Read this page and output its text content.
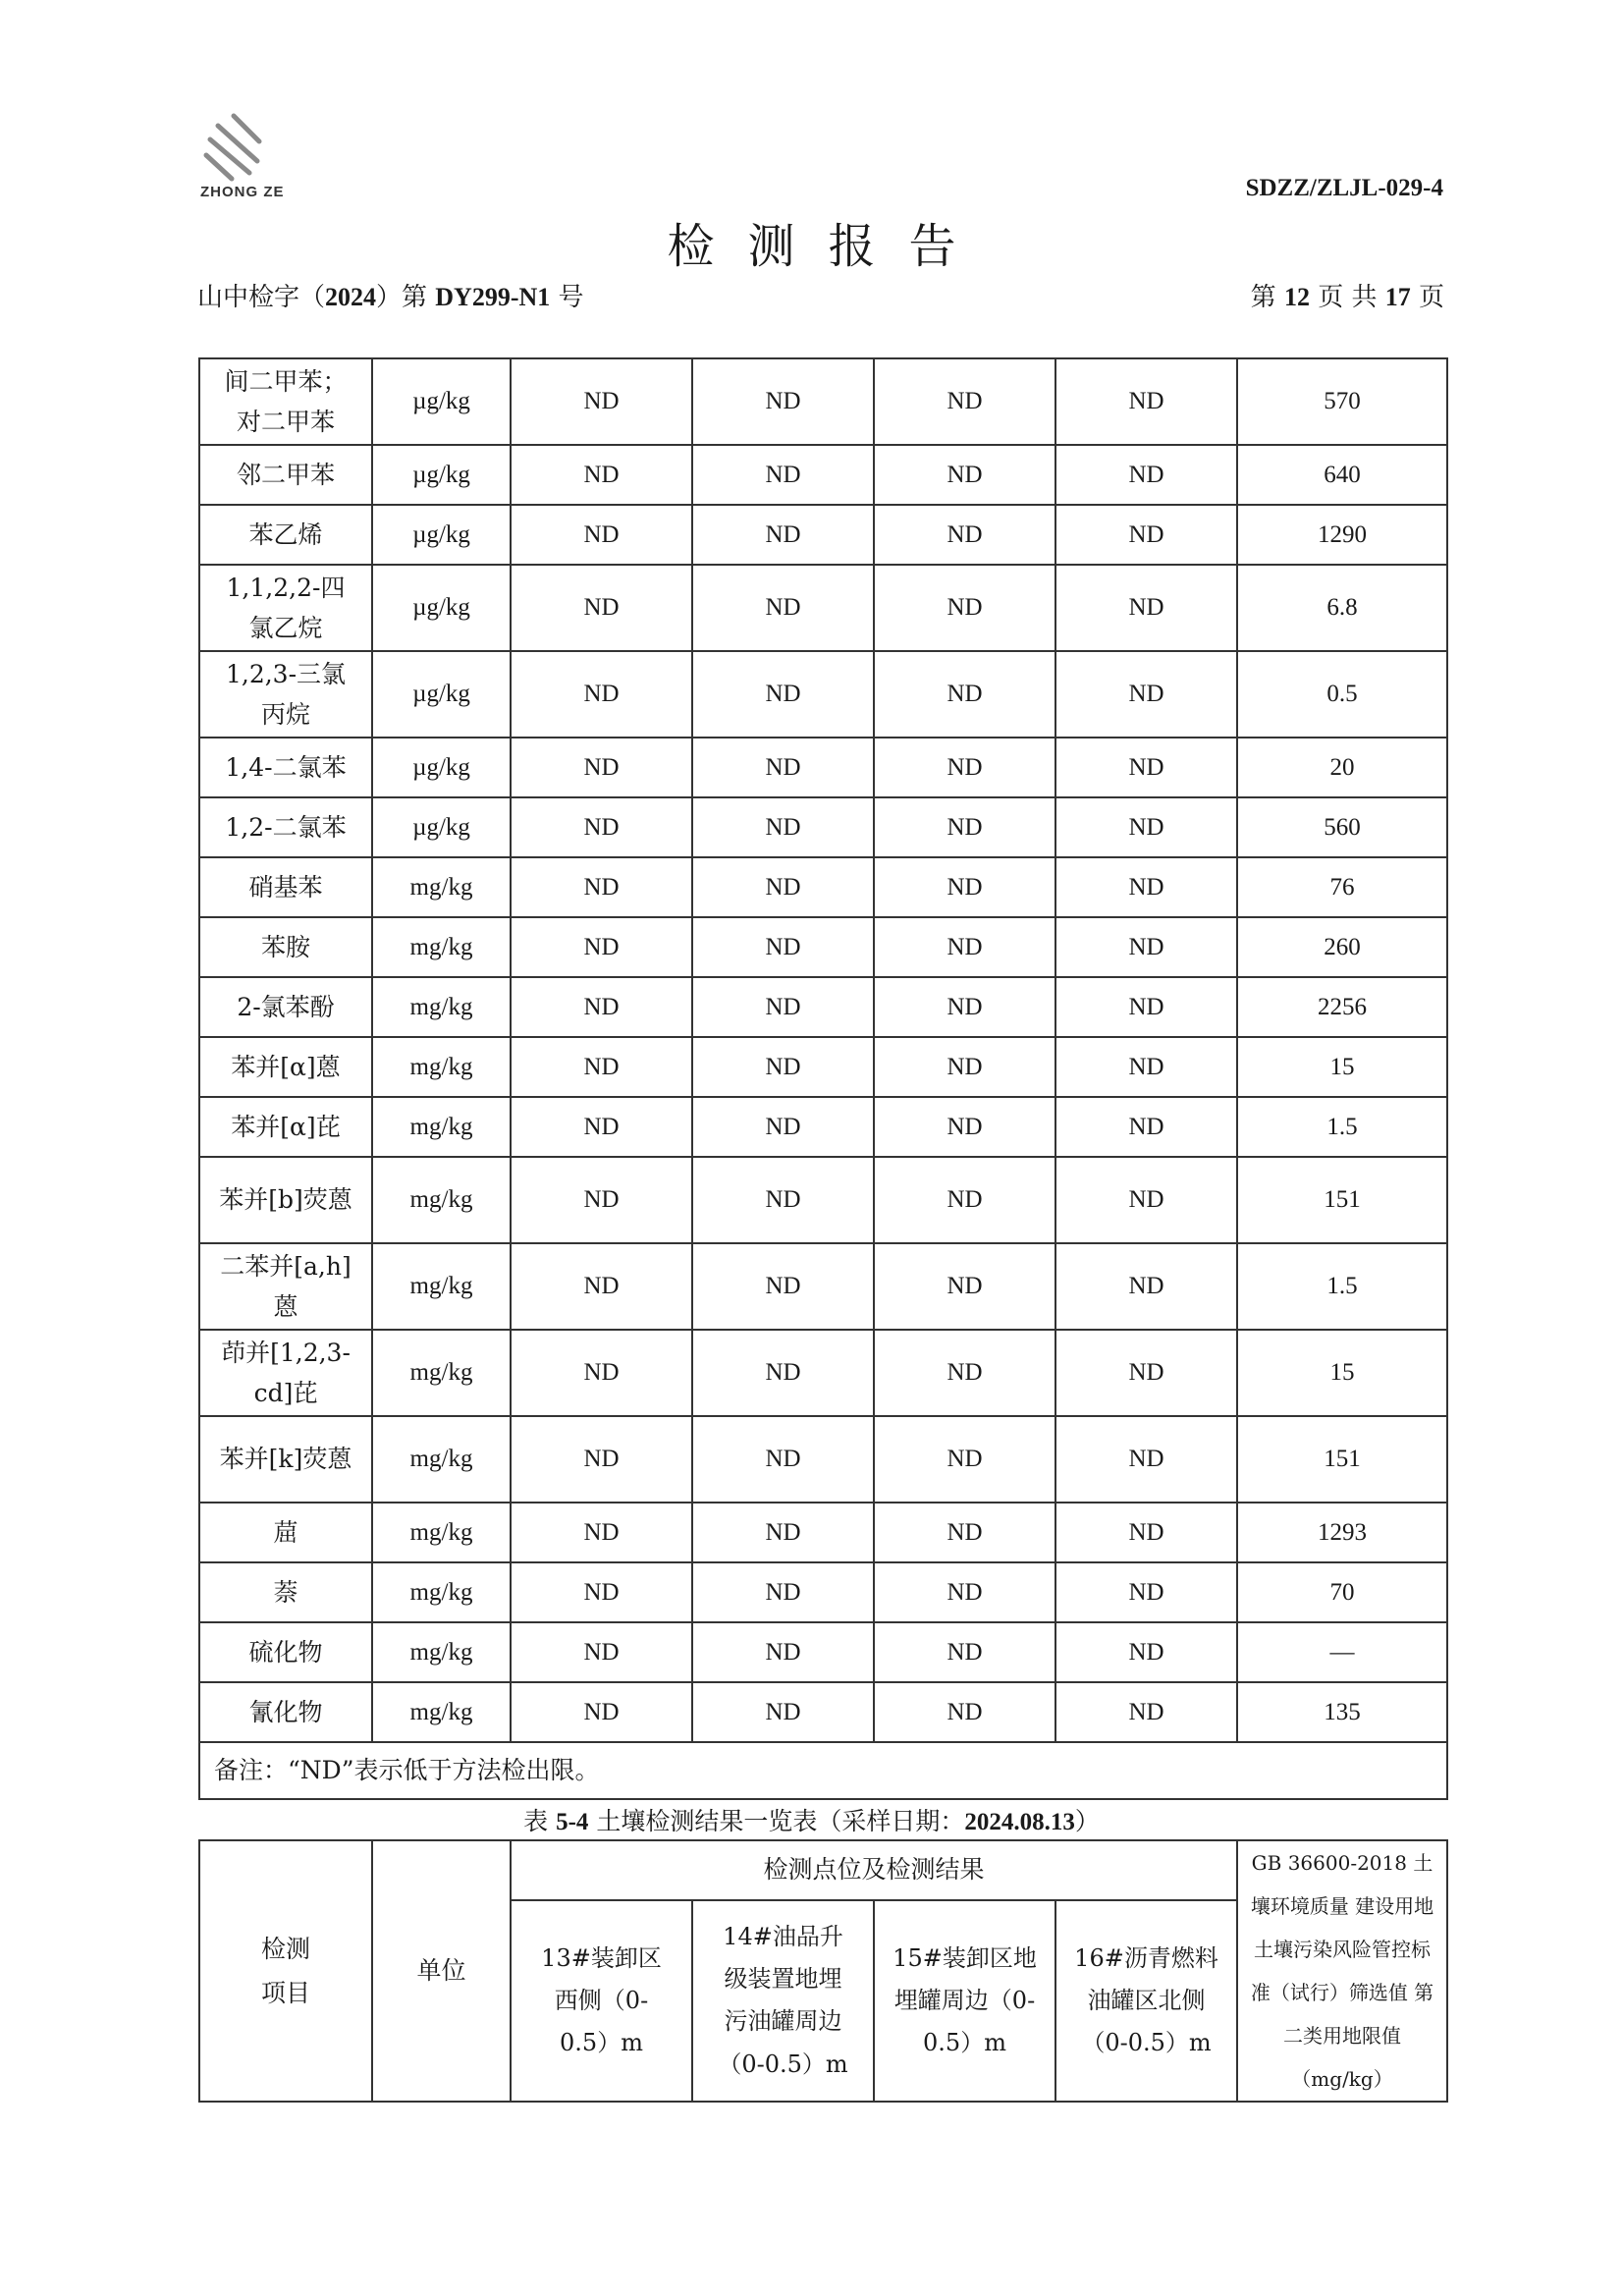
ZHONG ZE	SDZZ/ZLJL-029-4
检测报告
山中检字（2024）第 DY299-N1 号	第 12 页 共 17 页
间二甲苯；对二甲苯	µg/kg	ND	ND	ND	ND	570
邻二甲苯	µg/kg	ND	ND	ND	ND	640
苯乙烯	µg/kg	ND	ND	ND	ND	1290
1,1,2,2-四氯乙烷	µg/kg	ND	ND	ND	ND	6.8
1,2,3-三氯丙烷	µg/kg	ND	ND	ND	ND	0.5
1,4-二氯苯	µg/kg	ND	ND	ND	ND	20
1,2-二氯苯	µg/kg	ND	ND	ND	ND	560
硝基苯	mg/kg	ND	ND	ND	ND	76
苯胺	mg/kg	ND	ND	ND	ND	260
2-氯苯酚	mg/kg	ND	ND	ND	ND	2256
苯并[α]蒽	mg/kg	ND	ND	ND	ND	15
苯并[α]芘	mg/kg	ND	ND	ND	ND	1.5
苯并[b]荧蒽	mg/kg	ND	ND	ND	ND	151
二苯并[a,h]蒽	mg/kg	ND	ND	ND	ND	1.5
茚并[1,2,3-cd]芘	mg/kg	ND	ND	ND	ND	15
苯并[k]荧蒽	mg/kg	ND	ND	ND	ND	151
䓛	mg/kg	ND	ND	ND	ND	1293
萘	mg/kg	ND	ND	ND	ND	70
硫化物	mg/kg	ND	ND	ND	ND	—
氰化物	mg/kg	ND	ND	ND	ND	135
备注：“ND”表示低于方法检出限。						
表 5-4 土壤检测结果一览表（采样日期：2024.08.13）
检测项目	单位	检测点位及检测结果				GB 36600-2018 土壤环境质量 建设用地土壤污染风险管控标准（试行）筛选值 第二类用地限值（mg/kg）
		13#装卸区西侧（0-0.5）m	14#油品升级装置地埋污油罐周边（0-0.5）m	15#装卸区地埋罐周边（0-0.5）m	16#沥青燃料油罐区北侧（0-0.5）m	
